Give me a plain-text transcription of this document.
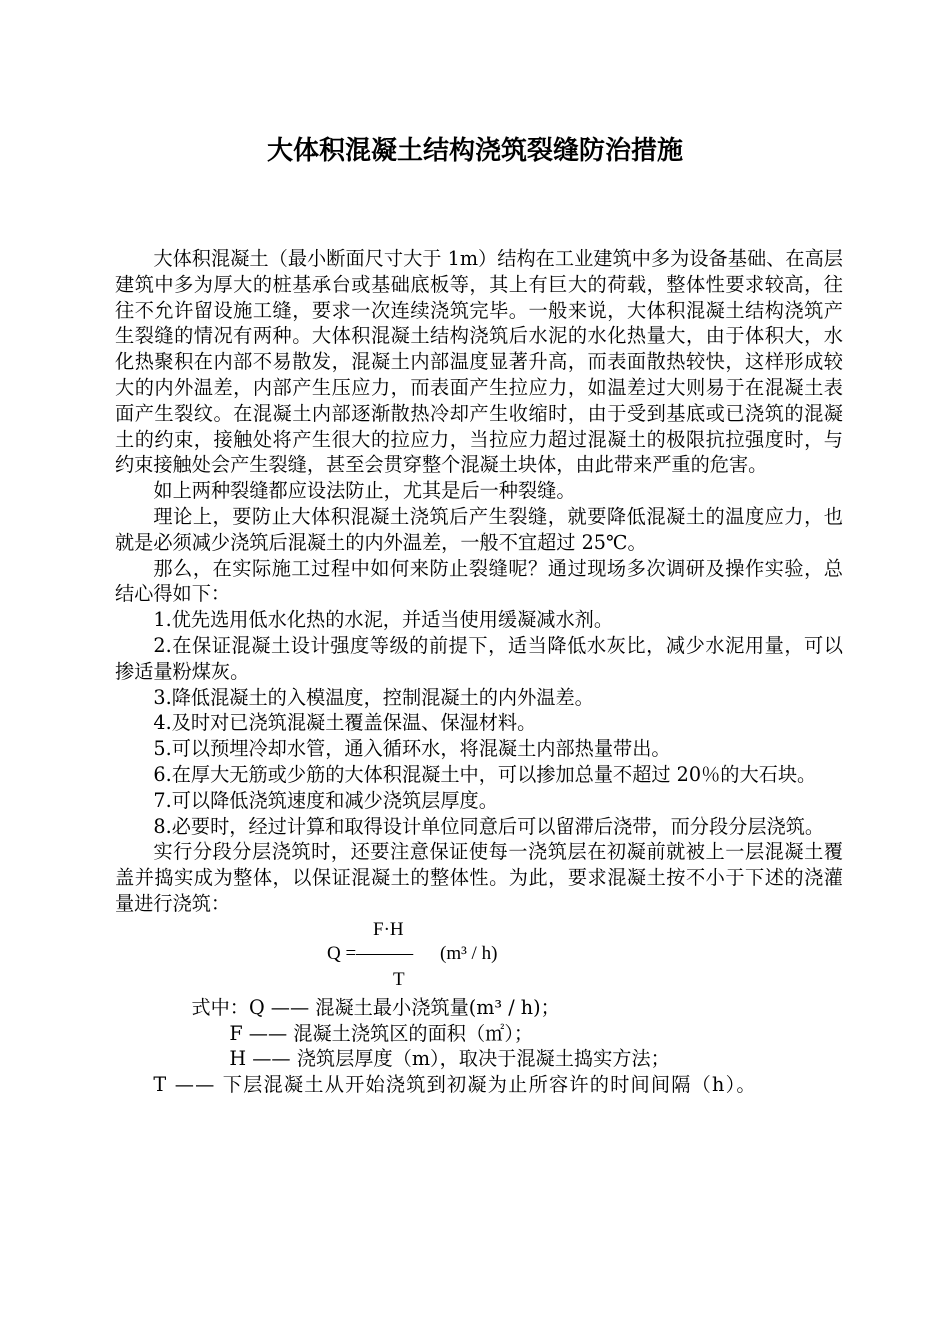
大体积混凝土结构浇筑裂缝防治措施

大体积混凝土（最小断面尺寸大于 1m）结构在工业建筑中多为设备基础、在高层建筑中多为厚大的桩基承台或基础底板等，其上有巨大的荷载，整体性要求较高，往往不允许留设施工缝，要求一次连续浇筑完毕。一般来说，大体积混凝土结构浇筑产生裂缝的情况有两种。大体积混凝土结构浇筑后水泥的水化热量大，由于体积大，水化热聚积在内部不易散发，混凝土内部温度显著升高，而表面散热较快，这样形成较大的内外温差，内部产生压应力，而表面产生拉应力，如温差过大则易于在混凝土表面产生裂纹。在混凝土内部逐渐散热冷却产生收缩时，由于受到基底或已浇筑的混凝土的约束，接触处将产生很大的拉应力，当拉应力超过混凝土的极限抗拉强度时，与约束接触处会产生裂缝，甚至会贯穿整个混凝土块体，由此带来严重的危害。

如上两种裂缝都应设法防止，尤其是后一种裂缝。

理论上，要防止大体积混凝土浇筑后产生裂缝，就要降低混凝土的温度应力，也就是必须减少浇筑后混凝土的内外温差，一般不宜超过 25℃。

那么，在实际施工过程中如何来防止裂缝呢？通过现场多次调研及操作实验，总结心得如下：

1.优先选用低水化热的水泥，并适当使用缓凝减水剂。

2.在保证混凝土设计强度等级的前提下，适当降低水灰比，减少水泥用量，可以掺适量粉煤灰。

3.降低混凝土的入模温度，控制混凝土的内外温差。

4.及时对已浇筑混凝土覆盖保温、保湿材料。

5.可以预埋冷却水管，通入循环水，将混凝土内部热量带出。

6.在厚大无筋或少筋的大体积混凝土中，可以掺加总量不超过 20％的大石块。

7.可以降低浇筑速度和减少浇筑层厚度。

8.必要时，经过计算和取得设计单位同意后可以留滞后浇带，而分段分层浇筑。

实行分段分层浇筑时，还要注意保证使每一浇筑层在初凝前就被上一层混凝土覆盖并捣实成为整体，以保证混凝土的整体性。为此，要求混凝土按不小于下述的浇灌量进行浇筑：

F·H
Q =——— (m³ / h)
T

式中：Q —— 混凝土最小浇筑量(m³ / h)；

F —— 混凝土浇筑区的面积（㎡）；

H —— 浇筑层厚度（m），取决于混凝土捣实方法；

T —— 下层混凝土从开始浇筑到初凝为止所容许的时间间隔（h）。
